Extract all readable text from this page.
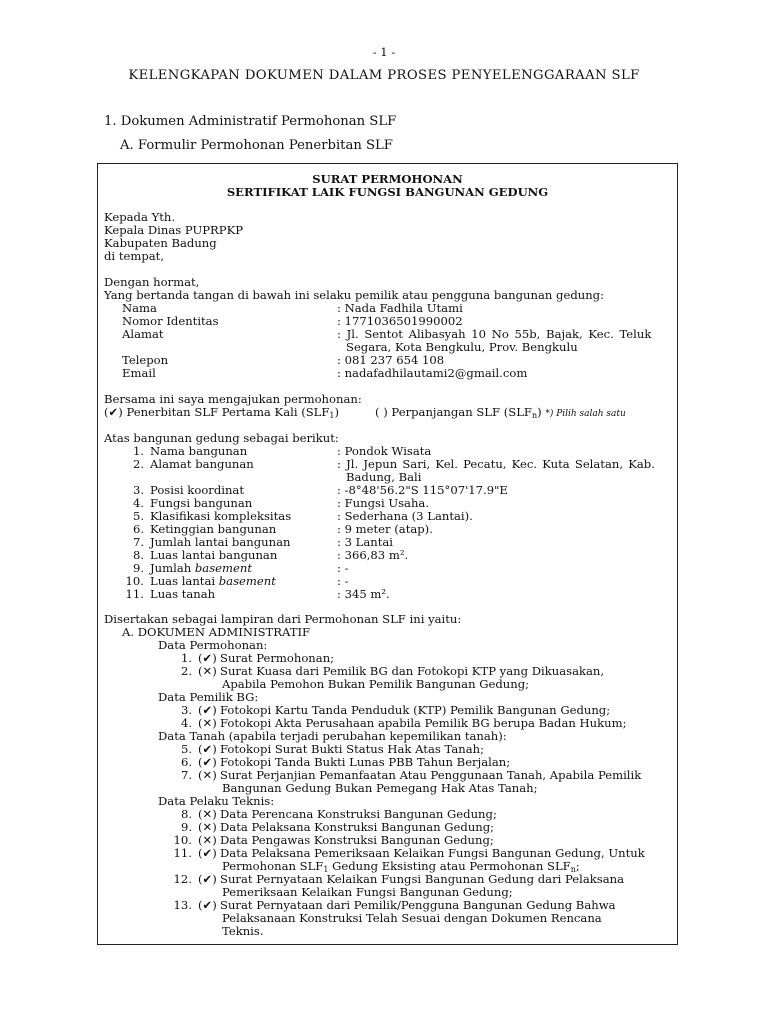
- 1 -
KELENGKAPAN DOKUMEN DALAM PROSES PENYELENGGARAAN SLF
1. Dokumen Administratif Permohonan SLF
A. Formulir Permohonan Penerbitan SLF
SURAT PERMOHONAN
SERTIFIKAT LAIK FUNGSI BANGUNAN GEDUNG
Kepada Yth.
Kepala Dinas PUPRPKP
Kabupaten Badung
di tempat,
Dengan hormat,
Yang bertanda tangan di bawah ini selaku pemilik atau pengguna bangunan gedung:
Nama	: Nada Fadhila Utami
Nomor Identitas	: 1771036501990002
Alamat	: Jl. Sentot Alibasyah 10 No 55b, Bajak, Kec. Teluk
Segara, Kota Bengkulu, Prov. Bengkulu
Telepon	: 081 237 654 108
Email	: nadafadhilautami2@gmail.com
Bersama ini saya mengajukan permohonan:
(✔) Penerbitan SLF Pertama Kali $(SLF_1)$	( ) Perpanjangan SLF $(SLF_n)$ *) Pilih salah satu
Atas bangunan gedung sebagai berikut:
1. Nama bangunan	: Pondok Wisata
2. Alamat bangunan	: Jl. Jepun Sari, Kel. Pecatu, Kec. Kuta Selatan, Kab.
Badung, Bali
3. Posisi koordinat	: -8°48'56.2"S 115°07'17.9"E
4. Fungsi bangunan	: Fungsi Usaha.
5. Klasifikasi kompleksitas	: Sederhana (3 Lantai).
6. Ketinggian bangunan	: 9 meter (atap).
7. Jumlah lantai bangunan	: 3 Lantai
8. Luas lantai bangunan	: 366,83 m².
9. Jumlah basement	: -
10. Luas lantai basement	: -
11. Luas tanah	: 345 m².
Disertakan sebagai lampiran dari Permohonan SLF ini yaitu:
A. DOKUMEN ADMINISTRATIF
Data Permohonan:
Data Pemilik BG:
Data Tanah (apabila terjadi perubahan kepemilikan tanah):
Data Pelaku Teknis:
1. (✔) Surat Permohonan;
2. (✕) Surat Kuasa dari Pemilik BG dan Fotokopi KTP yang Dikuasakan,
Apabila Pemohon Bukan Pemilik Bangunan Gedung;
3. (✔) Fotokopi Kartu Tanda Penduduk (KTP) Pemilik Bangunan Gedung;
4. (✕) Fotokopi Akta Perusahaan apabila Pemilik BG berupa Badan Hukum;
5. (✔) Fotokopi Surat Bukti Status Hak Atas Tanah;
6. (✔) Fotokopi Tanda Bukti Lunas PBB Tahun Berjalan;
7. (✕) Surat Perjanjian Pemanfaatan Atau Penggunaan Tanah, Apabila Pemilik
Bangunan Gedung Bukan Pemegang Hak Atas Tanah;
8. (✕) Data Perencana Konstruksi Bangunan Gedung;
9. (✕) Data Pelaksana Konstruksi Bangunan Gedung;
10. (✕) Data Pengawas Konstruksi Bangunan Gedung;
11. (✔) Data Pelaksana Pemeriksaan Kelaikan Fungsi Bangunan Gedung, Untuk
Permohonan $SLF_1$ Gedung Eksisting atau Permohonan $SLF_n$;
12. (✔) Surat Pernyataan Kelaikan Fungsi Bangunan Gedung dari Pelaksana
Pemeriksaan Kelaikan Fungsi Bangunan Gedung;
13. (✔) Surat Pernyataan dari Pemilik/Pengguna Bangunan Gedung Bahwa
Pelaksanaan Konstruksi Telah Sesuai dengan Dokumen Rencana
Teknis.
